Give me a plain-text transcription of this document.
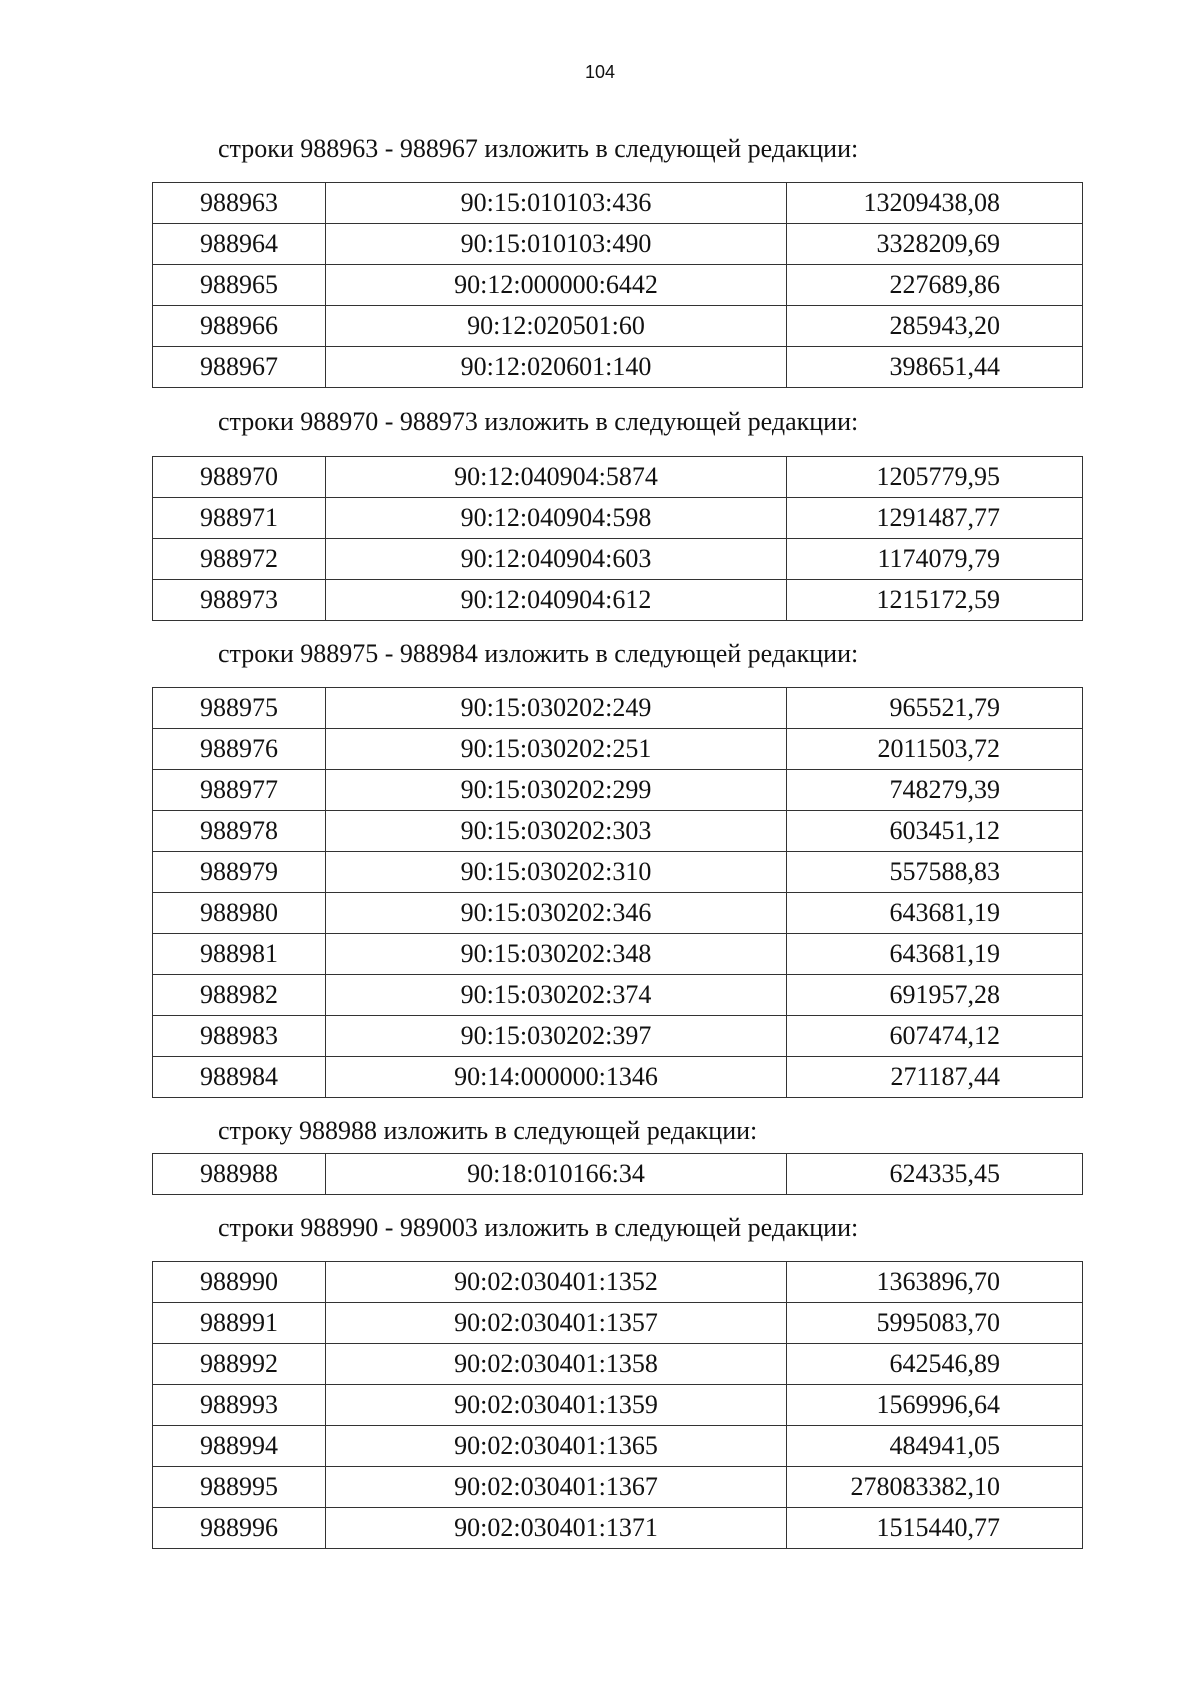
104
строки 988963 - 988967 изложить в следующей редакции:
988963	90:15:010103:436	13209438,08
988964	90:15:010103:490	3328209,69
988965	90:12:000000:6442	227689,86
988966	90:12:020501:60	285943,20
988967	90:12:020601:140	398651,44
строки 988970 - 988973 изложить в следующей редакции:
988970	90:12:040904:5874	1205779,95
988971	90:12:040904:598	1291487,77
988972	90:12:040904:603	1174079,79
988973	90:12:040904:612	1215172,59
строки 988975 - 988984 изложить в следующей редакции:
988975	90:15:030202:249	965521,79
988976	90:15:030202:251	2011503,72
988977	90:15:030202:299	748279,39
988978	90:15:030202:303	603451,12
988979	90:15:030202:310	557588,83
988980	90:15:030202:346	643681,19
988981	90:15:030202:348	643681,19
988982	90:15:030202:374	691957,28
988983	90:15:030202:397	607474,12
988984	90:14:000000:1346	271187,44
строку 988988 изложить в следующей редакции:
988988	90:18:010166:34	624335,45
строки 988990 - 989003 изложить в следующей редакции:
988990	90:02:030401:1352	1363896,70
988991	90:02:030401:1357	5995083,70
988992	90:02:030401:1358	642546,89
988993	90:02:030401:1359	1569996,64
988994	90:02:030401:1365	484941,05
988995	90:02:030401:1367	278083382,10
988996	90:02:030401:1371	1515440,77
